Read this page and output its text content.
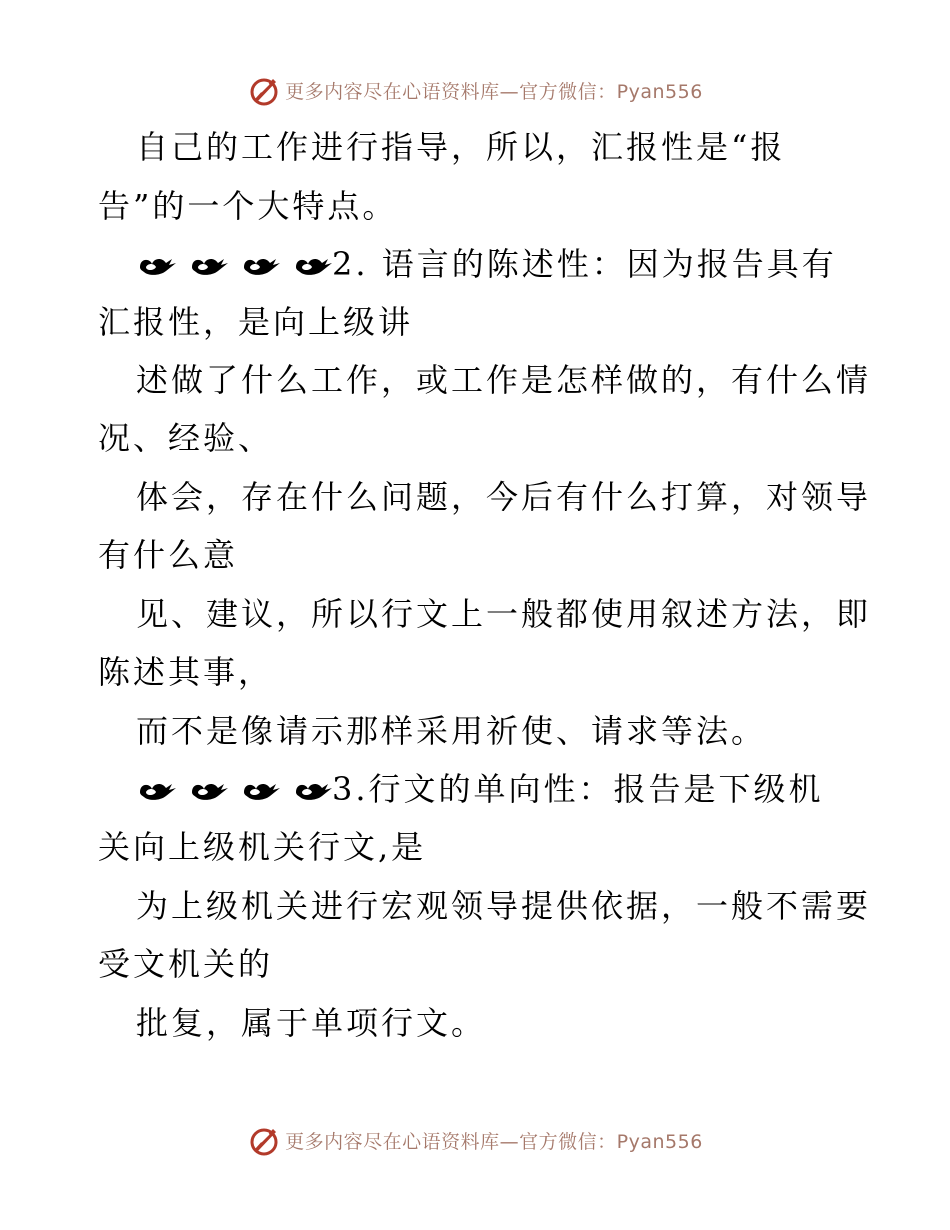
更多内容尽在心语资料库—官方微信：Pyan556
自己的工作进行指导，所以，汇报性是“报
告”的一个大特点。
2. 语言的陈述性：因为报告具有
汇报性，是向上级讲
述做了什么工作，或工作是怎样做的，有什么情
况、经验、
体会，存在什么问题，今后有什么打算，对领导
有什么意
见、建议，所以行文上一般都使用叙述方法，即
陈述其事，
而不是像请示那样采用祈使、请求等法。
3.行文的单向性：报告是下级机
关向上级机关行文,是
为上级机关进行宏观领导提供依据，一般不需要
受文机关的
批复，属于单项行文。
更多内容尽在心语资料库—官方微信：Pyan556
